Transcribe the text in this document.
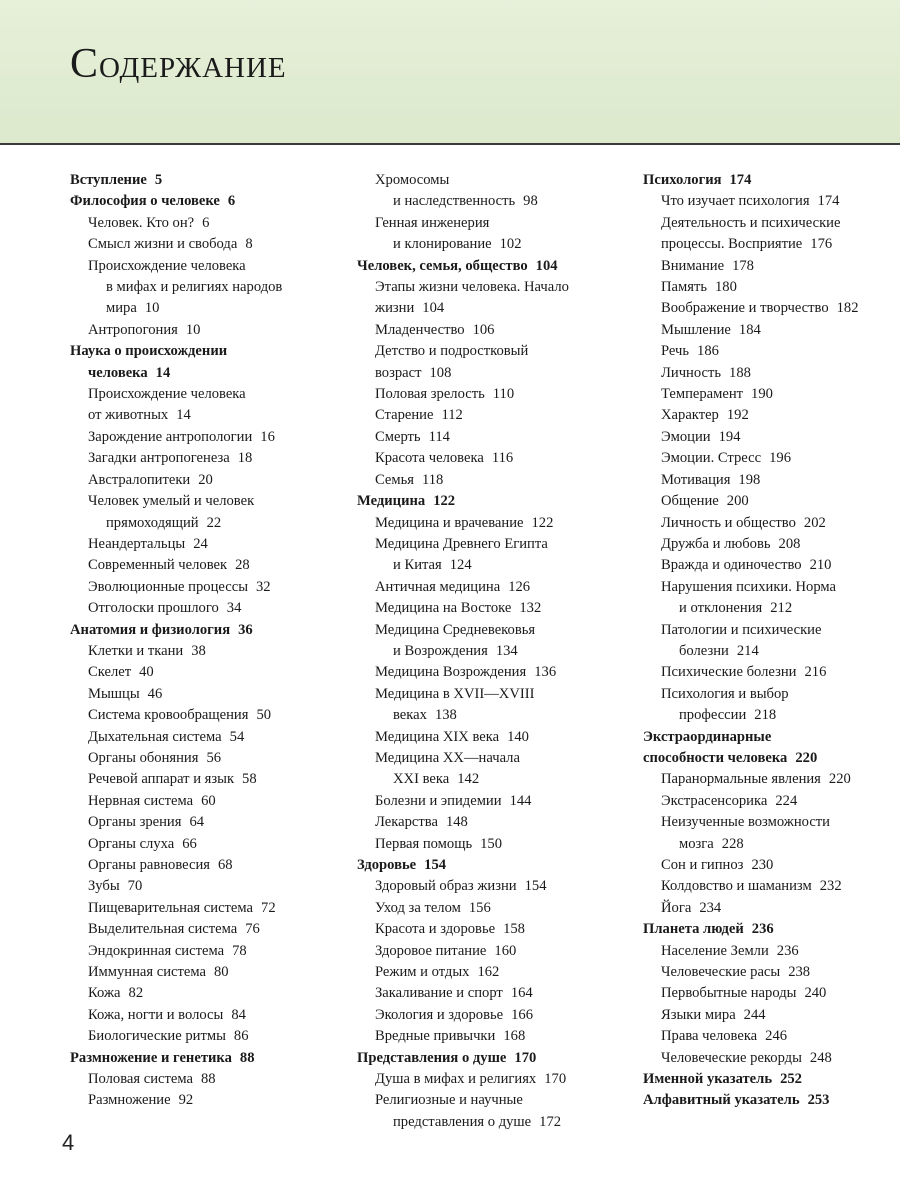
Содержание
Вступление 5
Философия о человеке 6
Человек. Кто он? 6
Смысл жизни и свобода 8
Происхождение человека
в мифах и религиях народов
мира 10
Антропогония 10
Наука о происхождении
человека 14
Происхождение человека
от животных 14
Зарождение антропологии 16
Загадки антропогенеза 18
Австралопитеки 20
Человек умелый и человек
прямоходящий 22
Неандертальцы 24
Современный человек 28
Эволюционные процессы 32
Отголоски прошлого 34
Анатомия и физиология 36
Клетки и ткани 38
Скелет 40
Мышцы 46
Система кровообращения 50
Дыхательная система 54
Органы обоняния 56
Речевой аппарат и язык 58
Нервная система 60
Органы зрения 64
Органы слуха 66
Органы равновесия 68
Зубы 70
Пищеварительная система 72
Выделительная система 76
Эндокринная система 78
Иммунная система 80
Кожа 82
Кожа, ногти и волосы 84
Биологические ритмы 86
Размножение и генетика 88
Половая система 88
Размножение 92
Хромосомы
и наследственность 98
Генная инженерия
и клонирование 102
Человек, семья, общество 104
Этапы жизни человека. Начало
жизни 104
Младенчество 106
Детство и подростковый
возраст 108
Половая зрелость 110
Старение 112
Смерть 114
Красота человека 116
Семья 118
Медицина 122
Медицина и врачевание 122
Медицина Древнего Египта
и Китая 124
Античная медицина 126
Медицина на Востоке 132
Медицина Средневековья
и Возрождения 134
Медицина Возрождения 136
Медицина в XVII—XVIII
веках 138
Медицина XIX века 140
Медицина XX—начала
XXI века 142
Болезни и эпидемии 144
Лекарства 148
Первая помощь 150
Здоровье 154
Здоровый образ жизни 154
Уход за телом 156
Красота и здоровье 158
Здоровое питание 160
Режим и отдых 162
Закаливание и спорт 164
Экология и здоровье 166
Вредные привычки 168
Представления о душе 170
Душа в мифах и религиях 170
Религиозные и научные
представления о душе 172
Психология 174
Что изучает психология 174
Деятельность и психические
процессы. Восприятие 176
Внимание 178
Память 180
Воображение и творчество 182
Мышление 184
Речь 186
Личность 188
Темперамент 190
Характер 192
Эмоции 194
Эмоции. Стресс 196
Мотивация 198
Общение 200
Личность и общество 202
Дружба и любовь 208
Вражда и одиночество 210
Нарушения психики. Норма
и отклонения 212
Патологии и психические
болезни 214
Психические болезни 216
Психология и выбор
профессии 218
Экстраординарные
способности человека 220
Паранормальные явления 220
Экстрасенсорика 224
Неизученные возможности
мозга 228
Сон и гипноз 230
Колдовство и шаманизм 232
Йога 234
Планета людей 236
Население Земли 236
Человеческие расы 238
Первобытные народы 240
Языки мира 244
Права человека 246
Человеческие рекорды 248
Именной указатель 252
Алфавитный указатель 253
4
